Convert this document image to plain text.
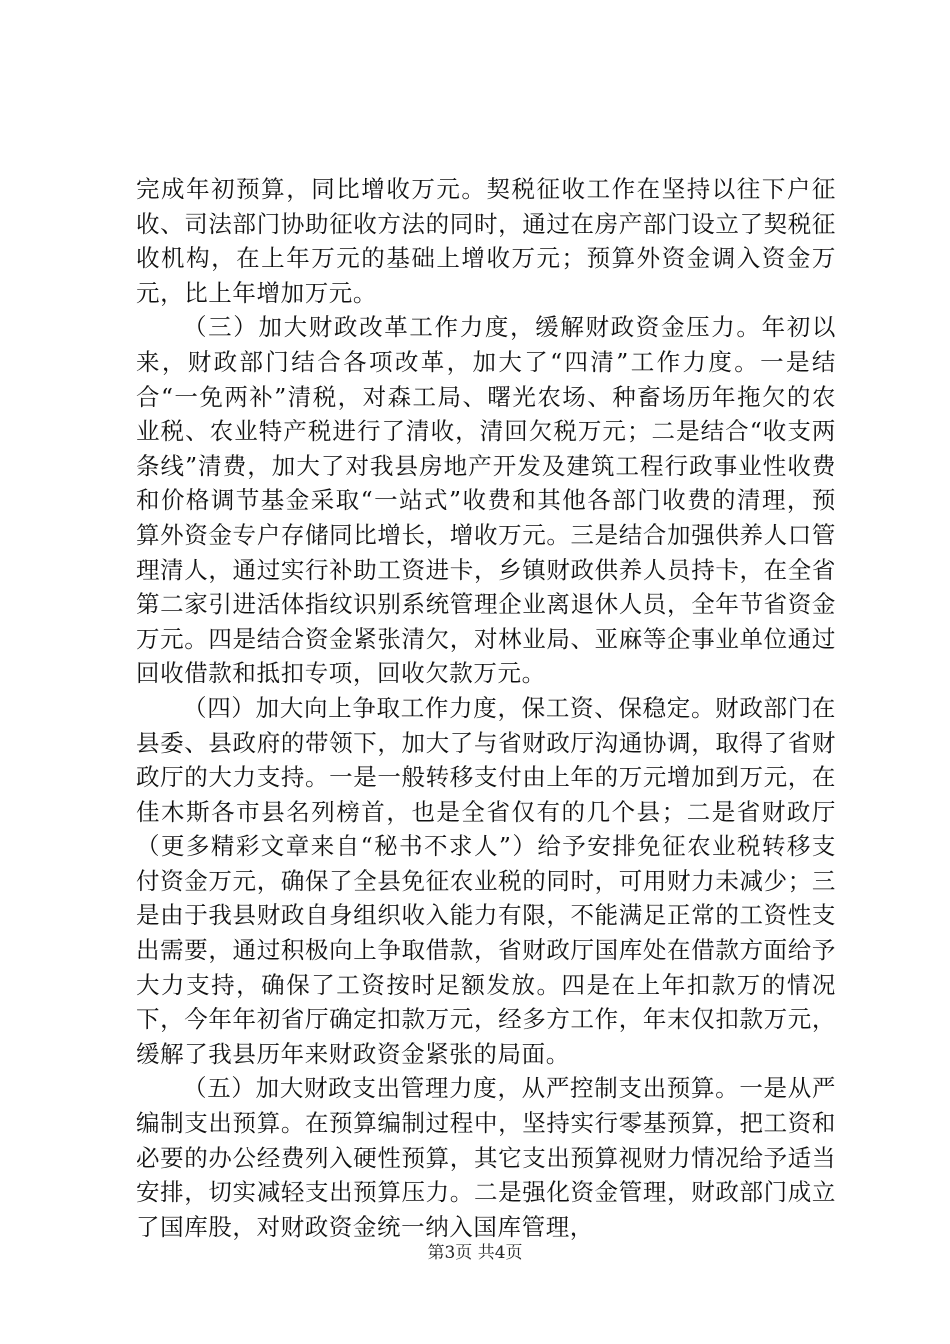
完成年初预算，同比增收万元。契税征收工作在坚持以往下户征收、司法部门协助征收方法的同时，通过在房产部门设立了契税征收机构，在上年万元的基础上增收万元；预算外资金调入资金万元，比上年增加万元。

（三）加大财政改革工作力度，缓解财政资金压力。年初以来，财政部门结合各项改革，加大了“四清”工作力度。一是结合“一免两补”清税，对森工局、曙光农场、种畜场历年拖欠的农业税、农业特产税进行了清收，清回欠税万元；二是结合“收支两条线”清费，加大了对我县房地产开发及建筑工程行政事业性收费和价格调节基金采取“一站式”收费和其他各部门收费的清理，预算外资金专户存储同比增长，增收万元。三是结合加强供养人口管理清人，通过实行补助工资进卡，乡镇财政供养人员持卡，在全省第二家引进活体指纹识别系统管理企业离退休人员，全年节省资金万元。四是结合资金紧张清欠，对林业局、亚麻等企事业单位通过回收借款和抵扣专项，回收欠款万元。

（四）加大向上争取工作力度，保工资、保稳定。财政部门在县委、县政府的带领下，加大了与省财政厅沟通协调，取得了省财政厅的大力支持。一是一般转移支付由上年的万元增加到万元，在佳木斯各市县名列榜首，也是全省仅有的几个县；二是省财政厅（更多精彩文章来自“秘书不求人”）给予安排免征农业税转移支付资金万元，确保了全县免征农业税的同时，可用财力未减少；三是由于我县财政自身组织收入能力有限，不能满足正常的工资性支出需要，通过积极向上争取借款，省财政厅国库处在借款方面给予大力支持，确保了工资按时足额发放。四是在上年扣款万的情况下，今年年初省厅确定扣款万元，经多方工作，年末仅扣款万元，缓解了我县历年来财政资金紧张的局面。

（五）加大财政支出管理力度，从严控制支出预算。一是从严编制支出预算。在预算编制过程中，坚持实行零基预算，把工资和必要的办公经费列入硬性预算，其它支出预算视财力情况给予适当安排，切实减轻支出预算压力。二是强化资金管理，财政部门成立了国库股，对财政资金统一纳入国库管理，

第3页 共4页
